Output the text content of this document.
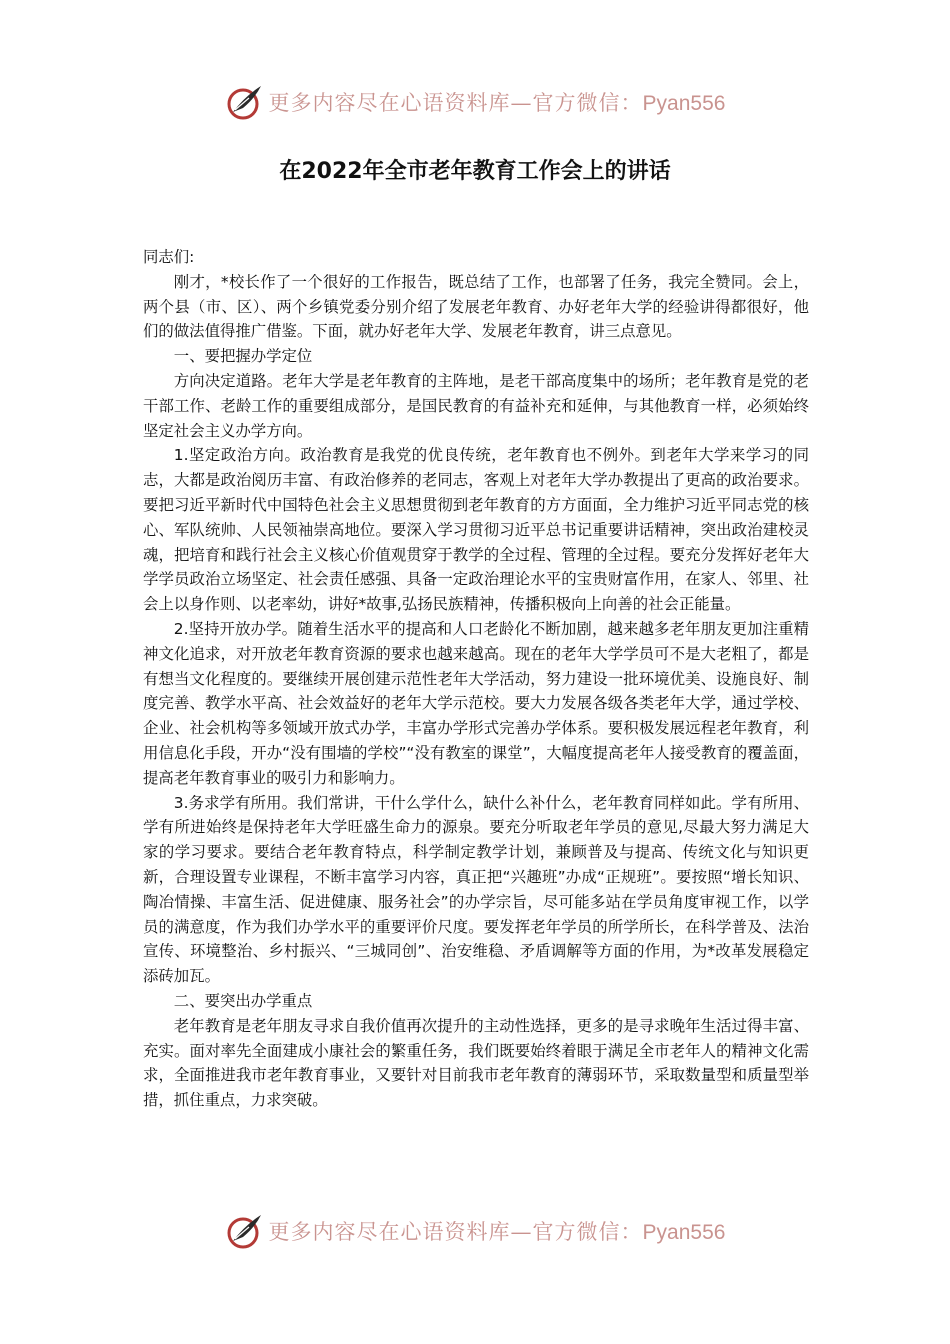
更多内容尽在心语资料库—官方微信：Pyan556
在2022年全市老年教育工作会上的讲话

同志们:

刚才，*校长作了一个很好的工作报告，既总结了工作，也部署了任务，我完全赞同。会上，两个县（市、区）、两个乡镇党委分别介绍了发展老年教育、办好老年大学的经验讲得都很好，他们的做法值得推广借鉴。下面，就办好老年大学、发展老年教育，讲三点意见。

一、要把握办学定位

方向决定道路。老年大学是老年教育的主阵地，是老干部高度集中的场所；老年教育是党的老干部工作、老龄工作的重要组成部分，是国民教育的有益补充和延伸，与其他教育一样，必须始终坚定社会主义办学方向。

1.坚定政治方向。政治教育是我党的优良传统，老年教育也不例外。到老年大学来学习的同志，大都是政治阅历丰富、有政治修养的老同志，客观上对老年大学办教提出了更高的政治要求。要把习近平新时代中国特色社会主义思想贯彻到老年教育的方方面面，全力维护习近平同志党的核心、军队统帅、人民领袖崇高地位。要深入学习贯彻习近平总书记重要讲话精神，突出政治建校灵魂，把培育和践行社会主义核心价值观贯穿于教学的全过程、管理的全过程。要充分发挥好老年大学学员政治立场坚定、社会责任感强、具备一定政治理论水平的宝贵财富作用，在家人、邻里、社会上以身作则、以老率幼，讲好*故事,弘扬民族精神，传播积极向上向善的社会正能量。

2.坚持开放办学。随着生活水平的提高和人口老龄化不断加剧，越来越多老年朋友更加注重精神文化追求，对开放老年教育资源的要求也越来越高。现在的老年大学学员可不是大老粗了，都是有想当文化程度的。要继续开展创建示范性老年大学活动，努力建设一批环境优美、设施良好、制度完善、教学水平高、社会效益好的老年大学示范校。要大力发展各级各类老年大学，通过学校、企业、社会机构等多领域开放式办学，丰富办学形式完善办学体系。要积极发展远程老年教育，利用信息化手段，开办“没有围墙的学校”“没有教室的课堂”，大幅度提高老年人接受教育的覆盖面，提高老年教育事业的吸引力和影响力。

3.务求学有所用。我们常讲，干什么学什么，缺什么补什么，老年教育同样如此。学有所用、学有所进始终是保持老年大学旺盛生命力的源泉。要充分听取老年学员的意见,尽最大努力满足大家的学习要求。要结合老年教育特点，科学制定教学计划，兼顾普及与提高、传统文化与知识更新，合理设置专业课程，不断丰富学习内容，真正把“兴趣班”办成“正规班”。要按照“增长知识、陶冶情操、丰富生活、促进健康、服务社会”的办学宗旨，尽可能多站在学员角度审视工作，以学员的满意度，作为我们办学水平的重要评价尺度。要发挥老年学员的所学所长，在科学普及、法治宣传、环境整治、乡村振兴、“三城同创”、治安维稳、矛盾调解等方面的作用，为*改革发展稳定添砖加瓦。

二、要突出办学重点

老年教育是老年朋友寻求自我价值再次提升的主动性选择，更多的是寻求晚年生活过得丰富、充实。面对率先全面建成小康社会的繁重任务，我们既要始终着眼于满足全市老年人的精神文化需求，全面推进我市老年教育事业，又要针对目前我市老年教育的薄弱环节，采取数量型和质量型举措，抓住重点，力求突破。

更多内容尽在心语资料库—官方微信：Pyan556
